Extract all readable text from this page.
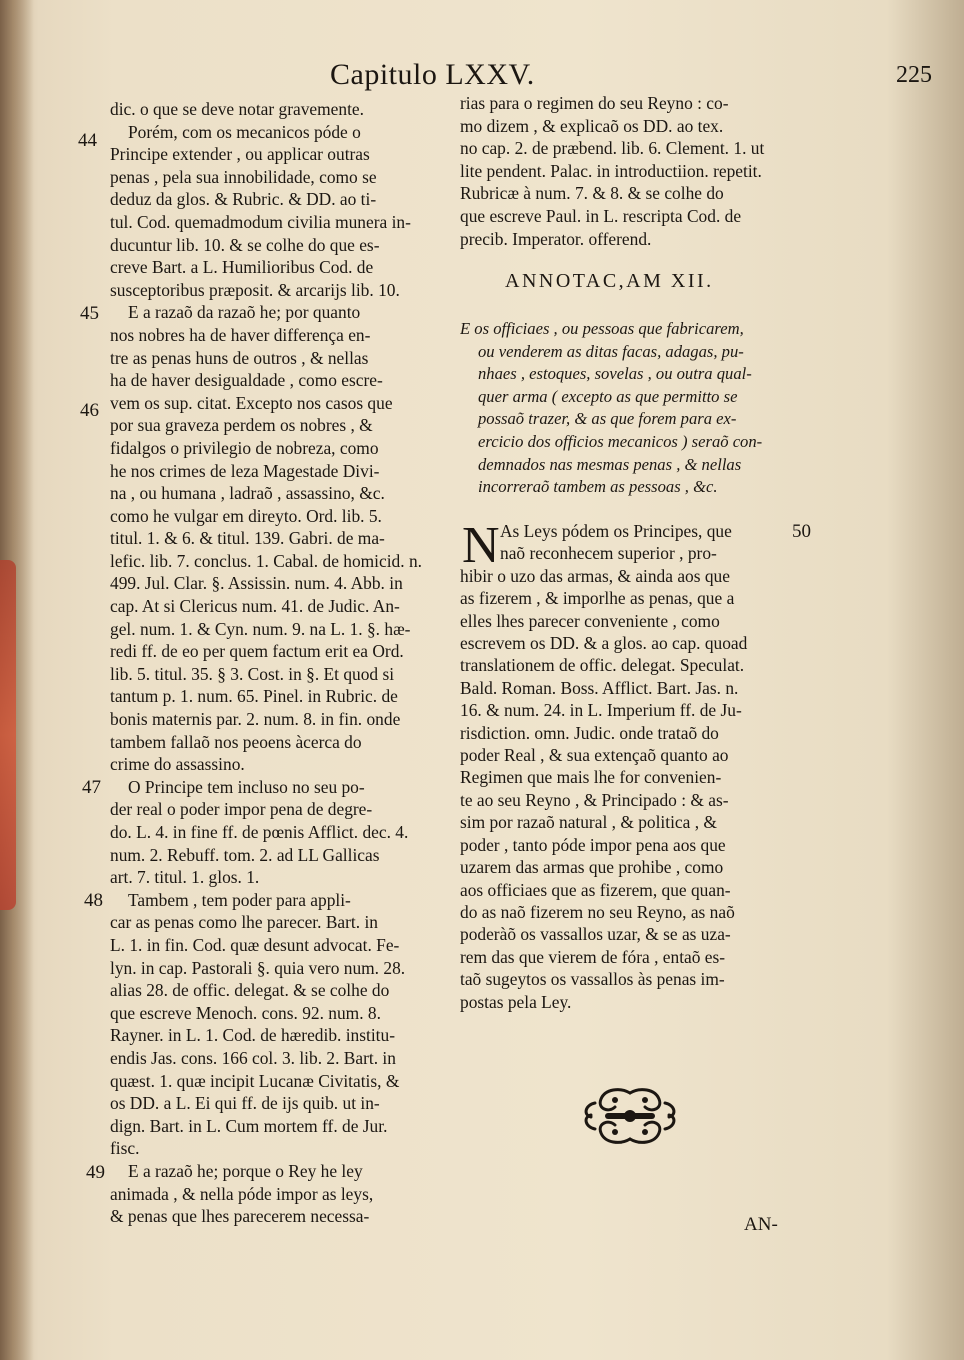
Capitulo LXXV.	225
dic. o que se deve notar gravemente.
Porém, com os mecanicos póde o
Principe extender , ou applicar outras
penas , pela sua innobilidade, como se
deduz da glos. & Rubric. & DD. ao ti-
tul. Cod. quemadmodum civilia munera in-
ducuntur lib. 10. & se colhe do que es-
creve Bart. a L. Humilioribus Cod. de
susceptoribus præposit. & arcarijs lib. 10.
E a razaõ da razaõ he; por quanto
nos nobres ha de haver differença en-
tre as penas huns de outros , & nellas
ha de haver desigualdade , como escre-
vem os sup. citat. Excepto nos casos que
por sua graveza perdem os nobres , &
fidalgos o privilegio de nobreza, como
he nos crimes de leza Magestade Divi-
na , ou humana , ladraõ , assassino, &c.
como he vulgar em direyto. Ord. lib. 5.
titul. 1. & 6. & titul. 139. Gabri. de ma-
lefic. lib. 7. conclus. 1. Cabal. de homicid. n.
499. Jul. Clar. §. Assissin. num. 4. Abb. in
cap. At si Clericus num. 41. de Judic. An-
gel. num. 1. & Cyn. num. 9. na L. 1. §. hæ-
redi ff. de eo per quem factum erit ea Ord.
lib. 5. titul. 35. § 3. Cost. in §. Et quod si
tantum p. 1. num. 65. Pinel. in Rubric. de
bonis maternis par. 2. num. 8. in fin. onde
tambem fallaõ nos peoens àcerca do
crime do assassino.
O Principe tem incluso no seu po-
der real o poder impor pena de degre-
do. L. 4. in fine ff. de pœnis Afflict. dec. 4.
num. 2. Rebuff. tom. 2. ad LL Gallicas
art. 7. titul. 1. glos. 1.
Tambem , tem poder para appli-
car as penas como lhe parecer. Bart. in
L. 1. in fin. Cod. quæ desunt advocat. Fe-
lyn. in cap. Pastorali §. quia vero num. 28.
alias 28. de offic. delegat. & se colhe do
que escreve Menoch. cons. 92. num. 8.
Rayner. in L. 1. Cod. de hæredib. institu-
endis Jas. cons. 166 col. 3. lib. 2. Bart. in
quæst. 1. quæ incipit Lucanæ Civitatis, &
os DD. a L. Ei qui ff. de ijs quib. ut in-
dign. Bart. in L. Cum mortem ff. de Jur.
fisc.
E a razaõ he; porque o Rey he ley
animada , & nella póde impor as leys,
& penas que lhes parecerem necessa-
44
45
46
47
48
49
50
rias para o regimen do seu Reyno : co-
mo dizem , & explicaõ os DD. ao tex.
no cap. 2. de præbend. lib. 6. Clement. 1. ut
lite pendent. Palac. in introductiion. repetit.
Rubricæ à num. 7. & 8. & se colhe do
que escreve Paul. in L. rescripta Cod. de
precib. Imperator. offerend.
ANNOTAC,AM XII.
E os officiaes , ou pessoas que fabricarem,
ou venderem as ditas facas, adagas, pu-
nhaes , estoques, sovelas , ou outra qual-
quer arma ( excepto as que permitto se
possaõ trazer, & as que forem para ex-
ercicio dos officios mecanicos ) seraõ con-
demnados nas mesmas penas , & nellas
incorreraõ tambem as pessoas , &c.
N As Leys pódem os Principes, que
naõ reconhecem superior , pro-
hibir o uzo das armas, & ainda aos que
as fizerem , & imporlhe as penas, que a
elles lhes parecer conveniente , como
escrevem os DD. & a glos. ao cap. quoad
translationem de offic. delegat. Speculat.
Bald. Roman. Boss. Afflict. Bart. Jas. n.
16. & num. 24. in L. Imperium ff. de Ju-
risdiction. omn. Judic. onde trataõ do
poder Real , & sua extençaõ quanto ao
Regimen que mais lhe for convenien-
te ao seu Reyno , & Principado : & as-
sim por razaõ natural , & politica , &
poder , tanto póde impor pena aos que
uzarem das armas que prohibe , como
aos officiaes que as fizerem, que quan-
do as naõ fizerem no seu Reyno, as naõ
poderàõ os vassallos uzar, & se as uza-
rem das que vierem de fóra , entaõ es-
taõ sugeytos os vassallos às penas im-
postas pela Ley.
AN-
